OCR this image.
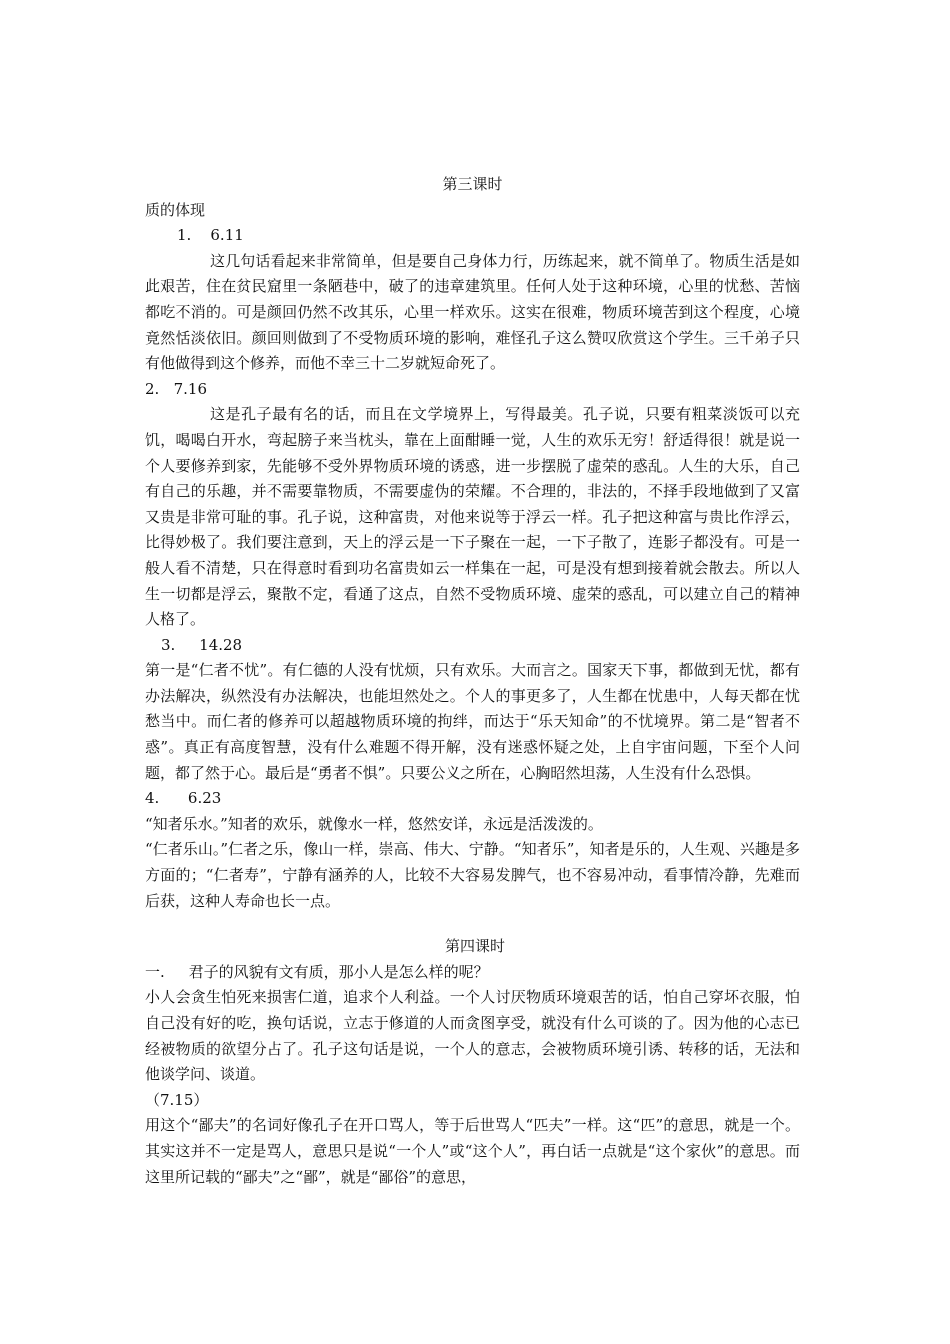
第三课时
质的体现
1.    6.11
这几句话看起来非常简单，但是要自己身体力行，历练起来，就不简单了。物质生活是如此艰苦，住在贫民窟里一条陋巷中，破了的违章建筑里。任何人处于这种环境，心里的忧愁、苦恼都吃不消的。可是颜回仍然不改其乐，心里一样欢乐。这实在很难，物质环境苦到这个程度，心境竟然恬淡依旧。颜回则做到了不受物质环境的影响，难怪孔子这么赞叹欣赏这个学生。三千弟子只有他做得到这个修养，而他不幸三十二岁就短命死了。
2.   7.16
这是孔子最有名的话，而且在文学境界上，写得最美。孔子说，只要有粗菜淡饭可以充饥，喝喝白开水，弯起膀子来当枕头，靠在上面酣睡一觉，人生的欢乐无穷！舒适得很！就是说一个人要修养到家，先能够不受外界物质环境的诱惑，进一步摆脱了虚荣的惑乱。人生的大乐，自己有自己的乐趣，并不需要靠物质，不需要虚伪的荣耀。不合理的，非法的，不择手段地做到了又富又贵是非常可耻的事。孔子说，这种富贵，对他来说等于浮云一样。孔子把这种富与贵比作浮云，比得妙极了。我们要注意到，天上的浮云是一下子聚在一起，一下子散了，连影子都没有。可是一般人看不清楚，只在得意时看到功名富贵如云一样集在一起，可是没有想到接着就会散去。所以人生一切都是浮云，聚散不定，看通了这点，自然不受物质环境、虚荣的惑乱，可以建立自己的精神人格了。
3.     14.28
第一是“仁者不忧”。有仁德的人没有忧烦，只有欢乐。大而言之。国家天下事，都做到无忧，都有办法解决，纵然没有办法解决，也能坦然处之。个人的事更多了，人生都在忧患中，人每天都在忧愁当中。而仁者的修养可以超越物质环境的拘绊，而达于“乐天知命”的不忧境界。第二是“智者不惑”。真正有高度智慧，没有什么难题不得开解，没有迷惑怀疑之处，上自宇宙问题，下至个人问题，都了然于心。最后是“勇者不惧”。只要公义之所在，心胸昭然坦荡，人生没有什么恐惧。
4.      6.23
“知者乐水。”知者的欢乐，就像水一样，悠然安详，永远是活泼泼的。
“仁者乐山。”仁者之乐，像山一样，崇高、伟大、宁静。“知者乐”，知者是乐的，人生观、兴趣是多方面的；“仁者寿”，宁静有涵养的人，比较不大容易发脾气，也不容易冲动，看事情冷静，先难而后获，这种人寿命也长一点。
第四课时
一.     君子的风貌有文有质，那小人是怎么样的呢？
小人会贪生怕死来损害仁道，追求个人利益。一个人讨厌物质环境艰苦的话，怕自己穿坏衣服，怕自己没有好的吃，换句话说，立志于修道的人而贪图享受，就没有什么可谈的了。因为他的心志已经被物质的欲望分占了。孔子这句话是说，一个人的意志，会被物质环境引诱、转移的话，无法和他谈学问、谈道。
（7.15）
用这个“鄙夫”的名词好像孔子在开口骂人，等于后世骂人“匹夫”一样。这“匹”的意思，就是一个。其实这并不一定是骂人，意思只是说“一个人”或“这个人”，再白话一点就是“这个家伙”的意思。而这里所记载的“鄙夫”之“鄙”，就是“鄙俗”的意思，
